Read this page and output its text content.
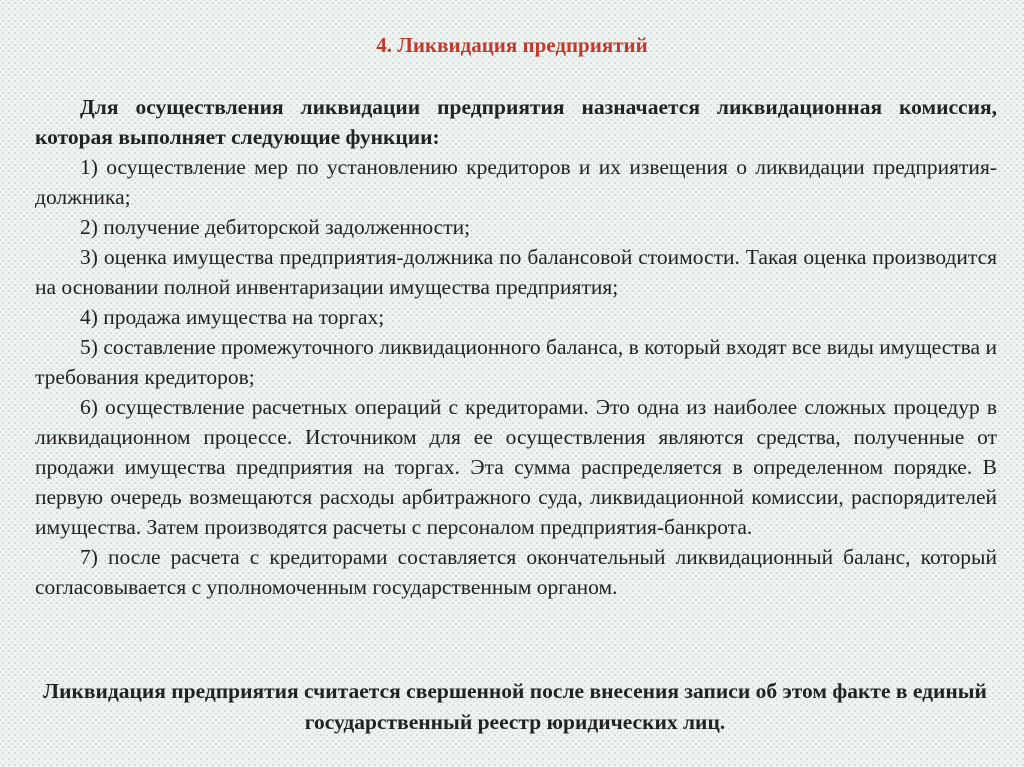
4. Ликвидация предприятий

Для осуществления ликвидации предприятия назначается ликвидационная комиссия, которая выполняет следующие функции:

1) осуществление мер по установлению кредиторов и их извещения о ликвидации предприятия-должника;

2) получение дебиторской задолженности;

3) оценка имущества предприятия-должника по балансовой стоимости. Такая оценка производится на основании полной инвентаризации имущества предприятия;

4) продажа имущества на торгах;

5) составление промежуточного ликвидационного баланса, в который входят все виды имущества и требования кредиторов;

6) осуществление расчетных операций с кредиторами. Это одна из наиболее сложных процедур в ликвидационном процессе. Источником для ее осуществления являются средства, полученные от продажи имущества предприятия на торгах. Эта сумма распределяется в определенном порядке. В первую очередь возмещаются расходы арбитражного суда, ликвидационной комиссии, распорядителей имущества. Затем производятся расчеты с персоналом предприятия-банкрота.

7) после расчета с кредиторами составляется окончательный ликвидационный баланс, который согласовывается с уполномоченным государственным органом.

Ликвидация предприятия считается свершенной после внесения записи об этом факте в единый государственный реестр юридических лиц.
